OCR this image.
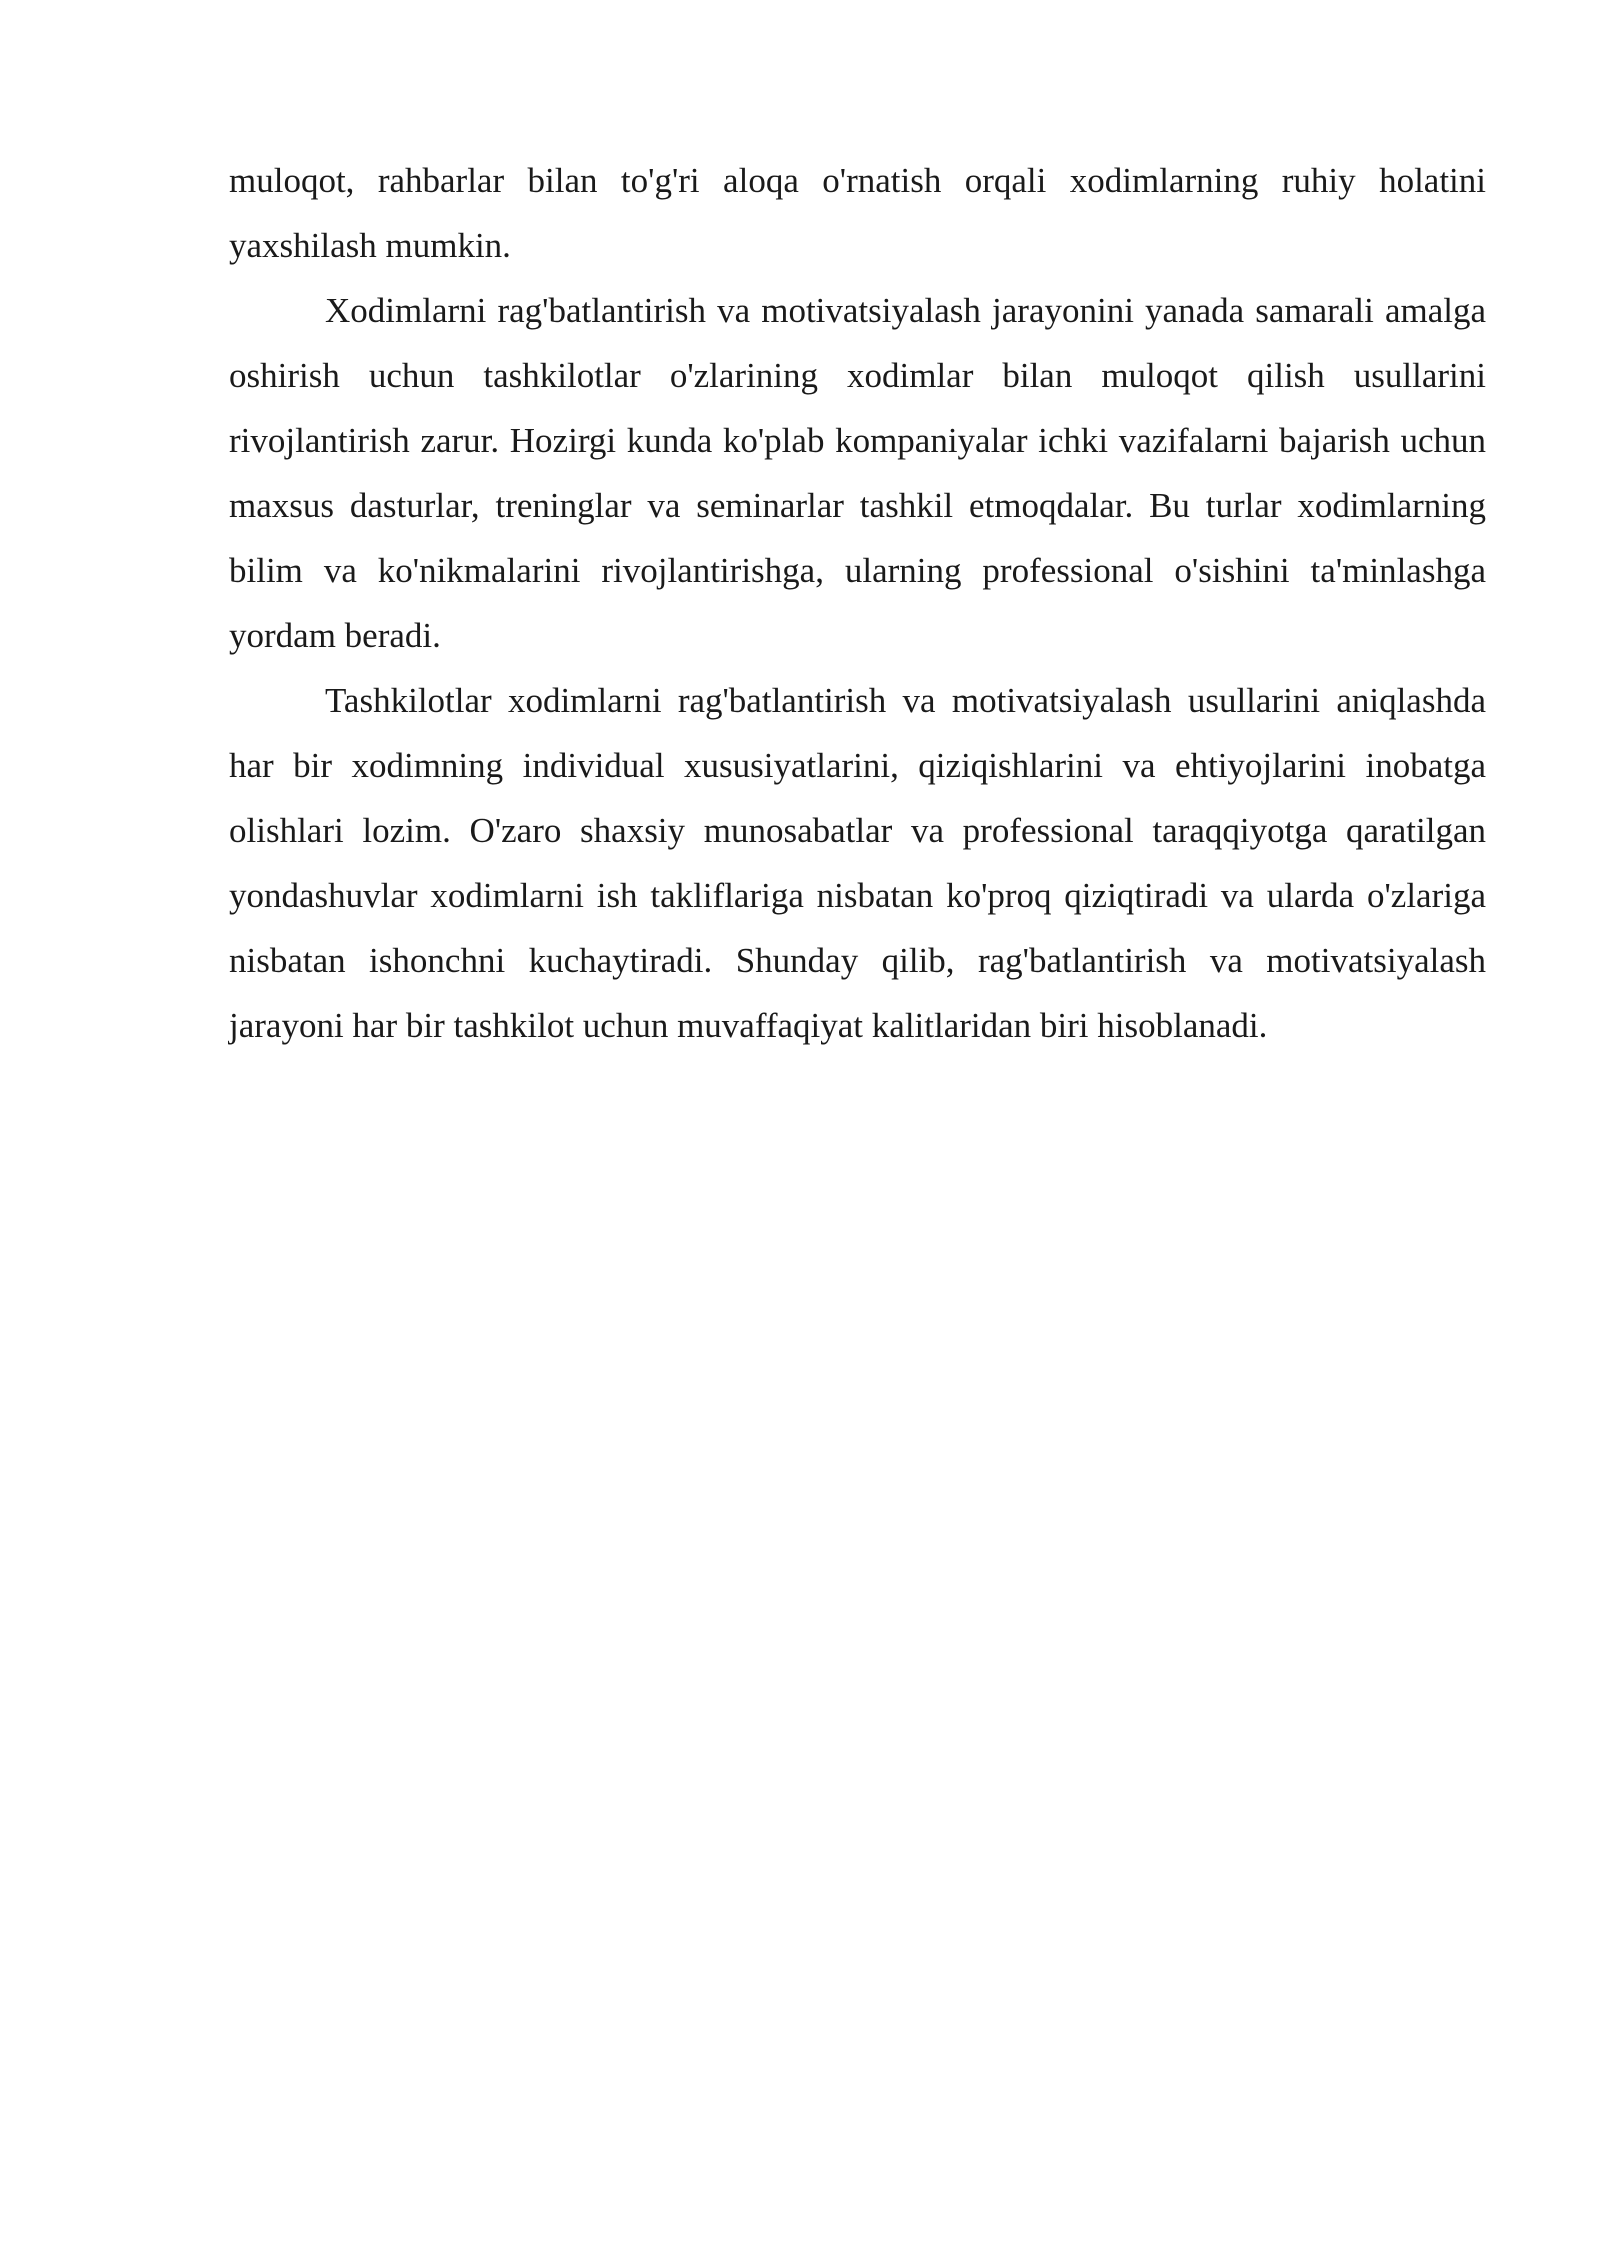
muloqot, rahbarlar bilan to'g'ri aloqa o'rnatish orqali xodimlarning ruhiy holatini yaxshilash mumkin.

Xodimlarni rag'batlantirish va motivatsiyalash jarayonini yanada samarali amalga oshirish uchun tashkilotlar o'zlarining xodimlar bilan muloqot qilish usullarini rivojlantirish zarur. Hozirgi kunda ko'plab kompaniyalar ichki vazifalarni bajarish uchun maxsus dasturlar, treninglar va seminarlar tashkil etmoqdalar. Bu turlar xodimlarning bilim va ko'nikmalarini rivojlantirishga, ularning professional o'sishini ta'minlashga yordam beradi.

Tashkilotlar xodimlarni rag'batlantirish va motivatsiyalash usullarini aniqlashda har bir xodimning individual xususiyatlarini, qiziqishlarini va ehtiyojlarini inobatga olishlari lozim. O'zaro shaxsiy munosabatlar va professional taraqqiyotga qaratilgan yondashuvlar xodimlarni ish takliflariga nisbatan ko'proq qiziqtiradi va ularda o'zlariga nisbatan ishonchni kuchaytiradi. Shunday qilib, rag'batlantirish va motivatsiyalash jarayoni har bir tashkilot uchun muvaffaqiyat kalitlaridan biri hisoblanadi.
